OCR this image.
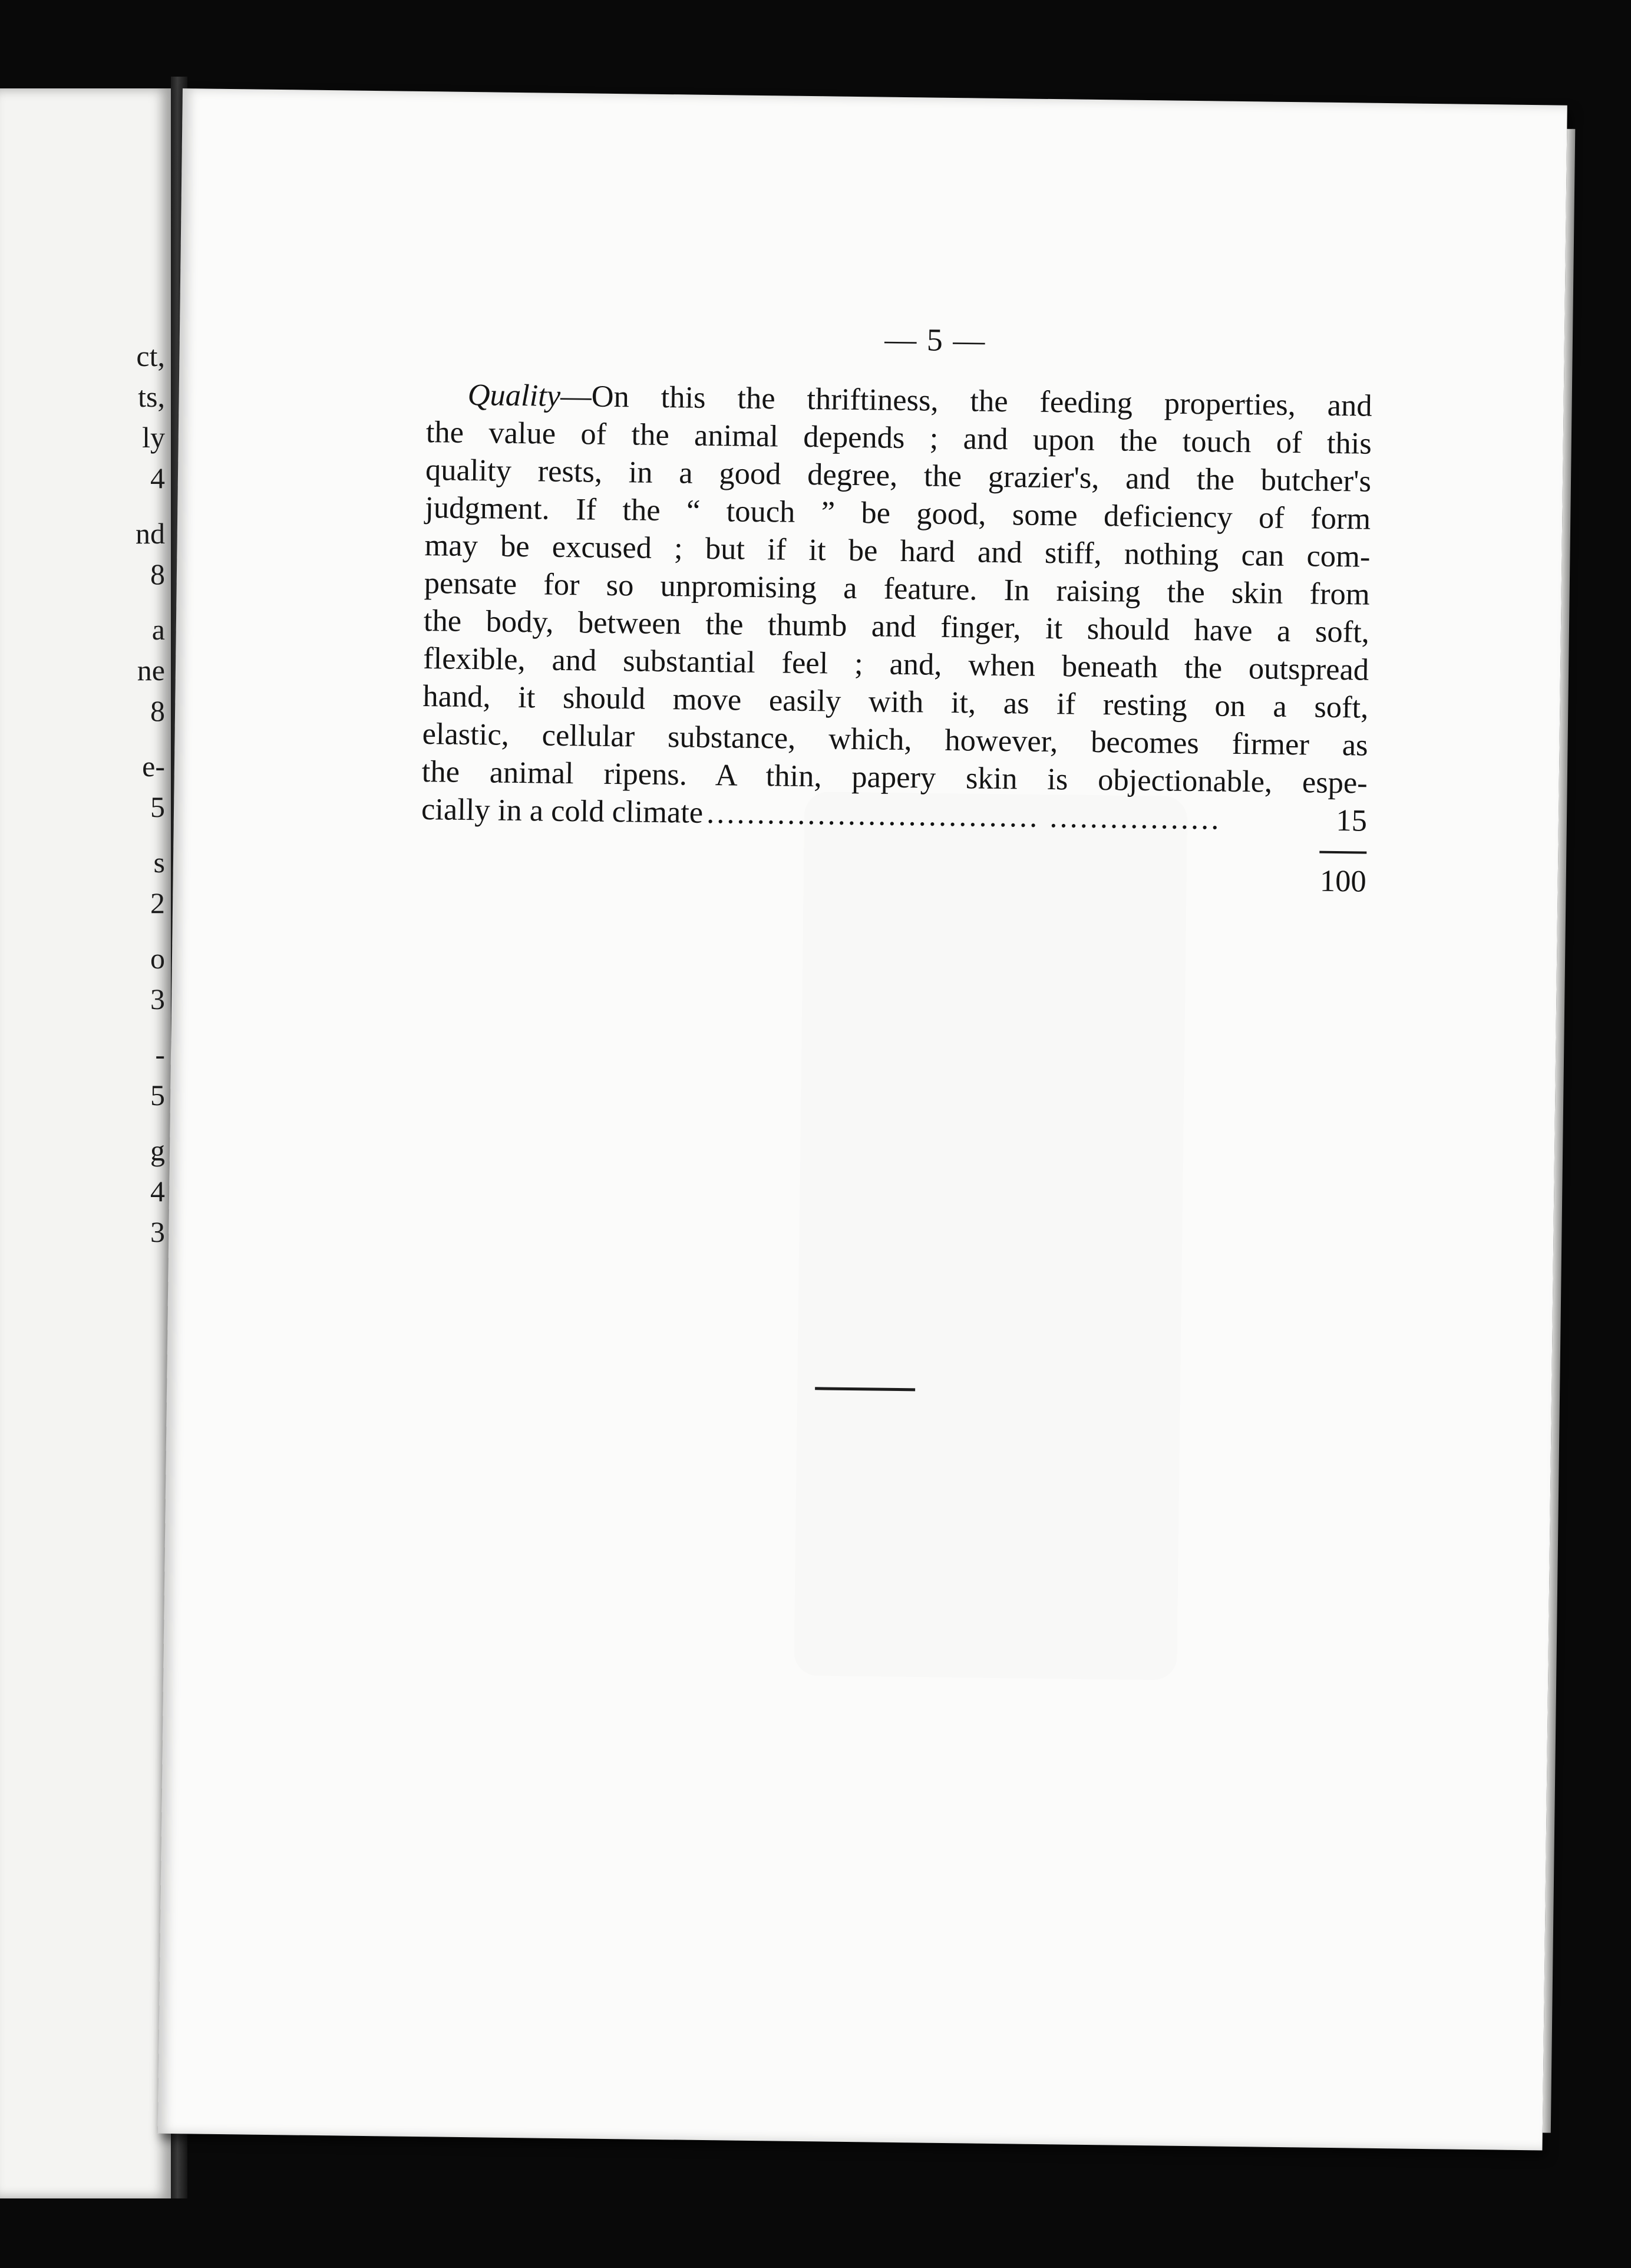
ct,
ts,
ly
4
nd
8
a
ne
8
e-
5
s
2
o
3
-
5
g
4
3
— 5 —
Quality—On this the thriftiness, the feeding properties, and
the value of the animal depends ; and upon the touch of this
quality rests, in a good degree, the grazier's, and the butcher's
judgment. If the “ touch ” be good, some deficiency of form
may be excused ; but if it be hard and stiff, nothing can com-
pensate for so unpromising a feature. In raising the skin from
the body, between the thumb and finger, it should have a soft,
flexible, and substantial feel ; and, when beneath the outspread
hand, it should move easily with it, as if resting on a soft,
elastic, cellular substance, which, however, becomes firmer as
the animal ripens. A thin, papery skin is objectionable, espe-
cially in a cold climate ................................. .................	15
100
